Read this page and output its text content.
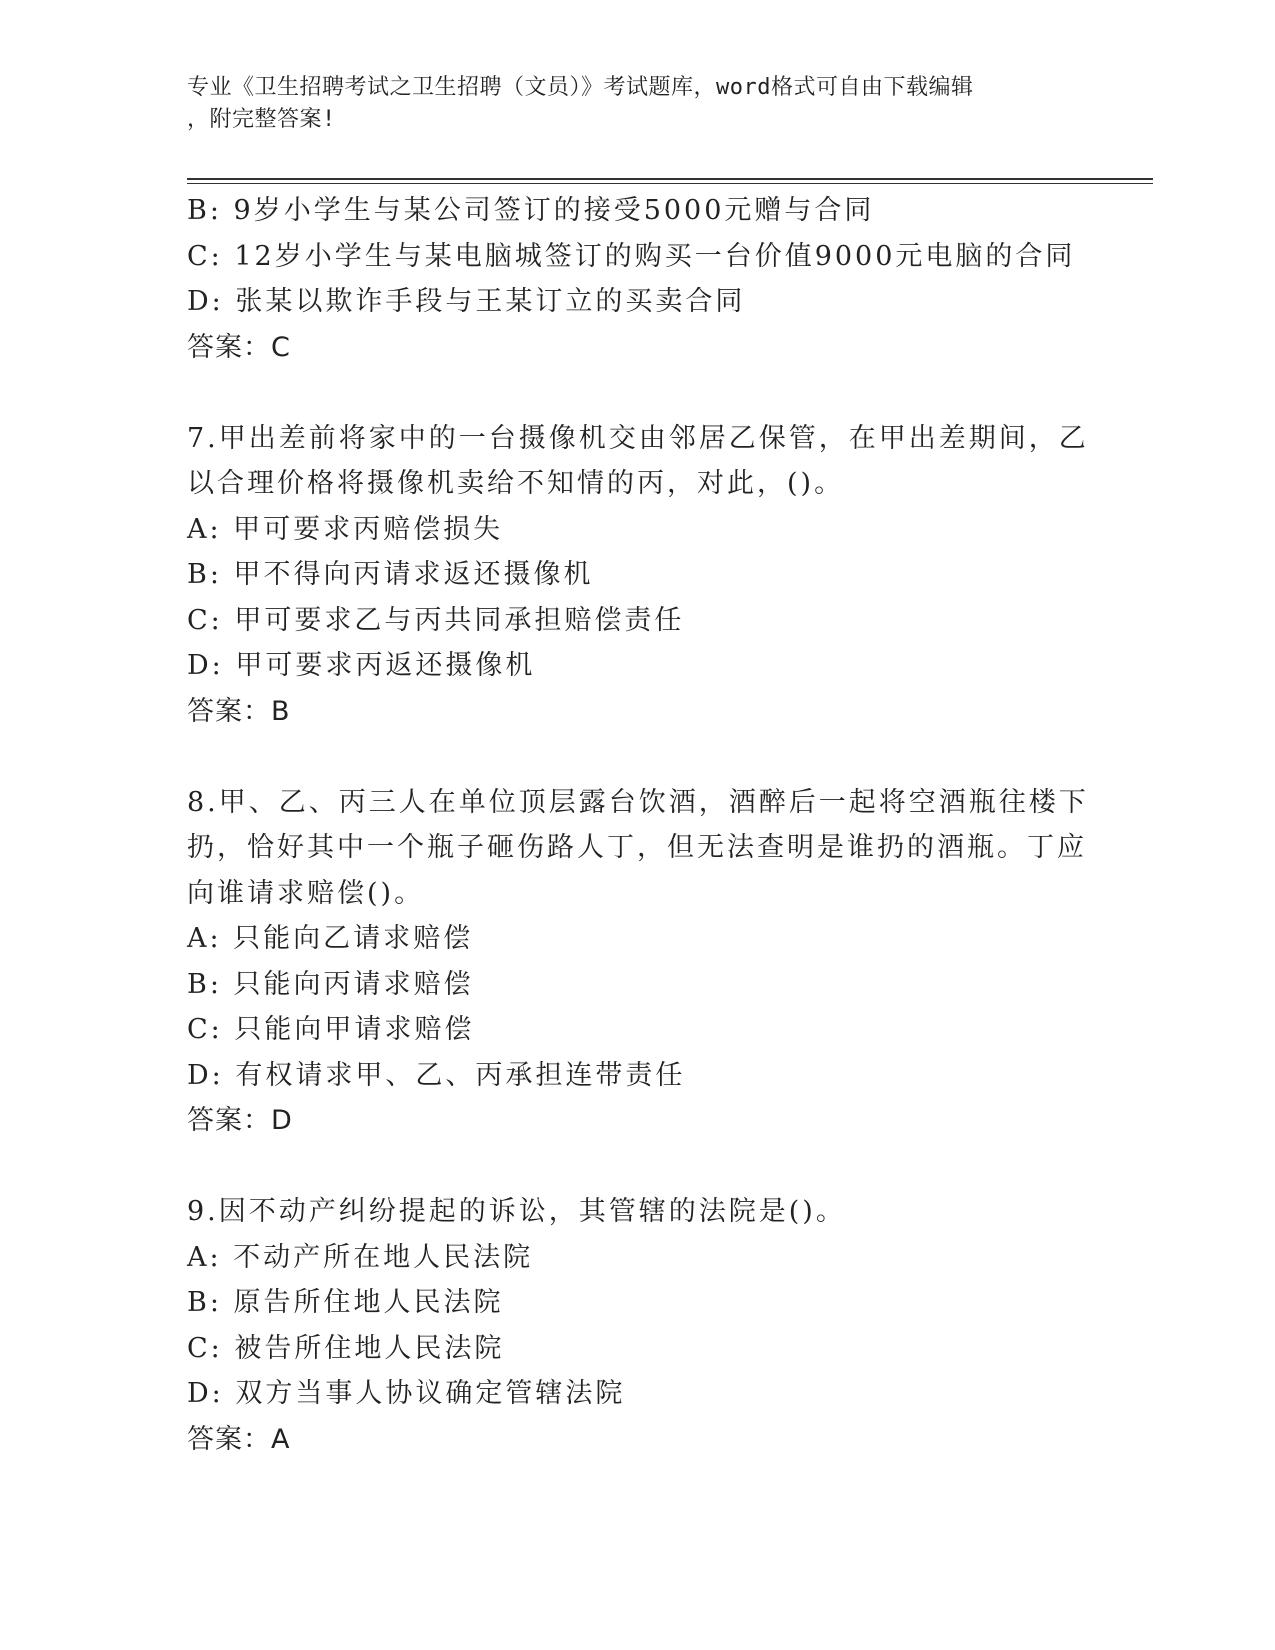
专业《卫生招聘考试之卫生招聘（文员）》考试题库，word格式可自由下载编辑
，附完整答案!
B: 9岁小学生与某公司签订的接受5000元赠与合同
C: 12岁小学生与某电脑城签订的购买一台价值9000元电脑的合同
D: 张某以欺诈手段与王某订立的买卖合同
答案：C
7.甲出差前将家中的一台摄像机交由邻居乙保管，在甲出差期间，乙
以合理价格将摄像机卖给不知情的丙，对此，()。
A: 甲可要求丙赔偿损失
B: 甲不得向丙请求返还摄像机
C: 甲可要求乙与丙共同承担赔偿责任
D: 甲可要求丙返还摄像机
答案：B
8.甲、乙、丙三人在单位顶层露台饮酒，酒醉后一起将空酒瓶往楼下
扔，恰好其中一个瓶子砸伤路人丁，但无法查明是谁扔的酒瓶。丁应
向谁请求赔偿()。
A: 只能向乙请求赔偿
B: 只能向丙请求赔偿
C: 只能向甲请求赔偿
D: 有权请求甲、乙、丙承担连带责任
答案：D
9.因不动产纠纷提起的诉讼，其管辖的法院是()。
A: 不动产所在地人民法院
B: 原告所住地人民法院
C: 被告所住地人民法院
D: 双方当事人协议确定管辖法院
答案：A
